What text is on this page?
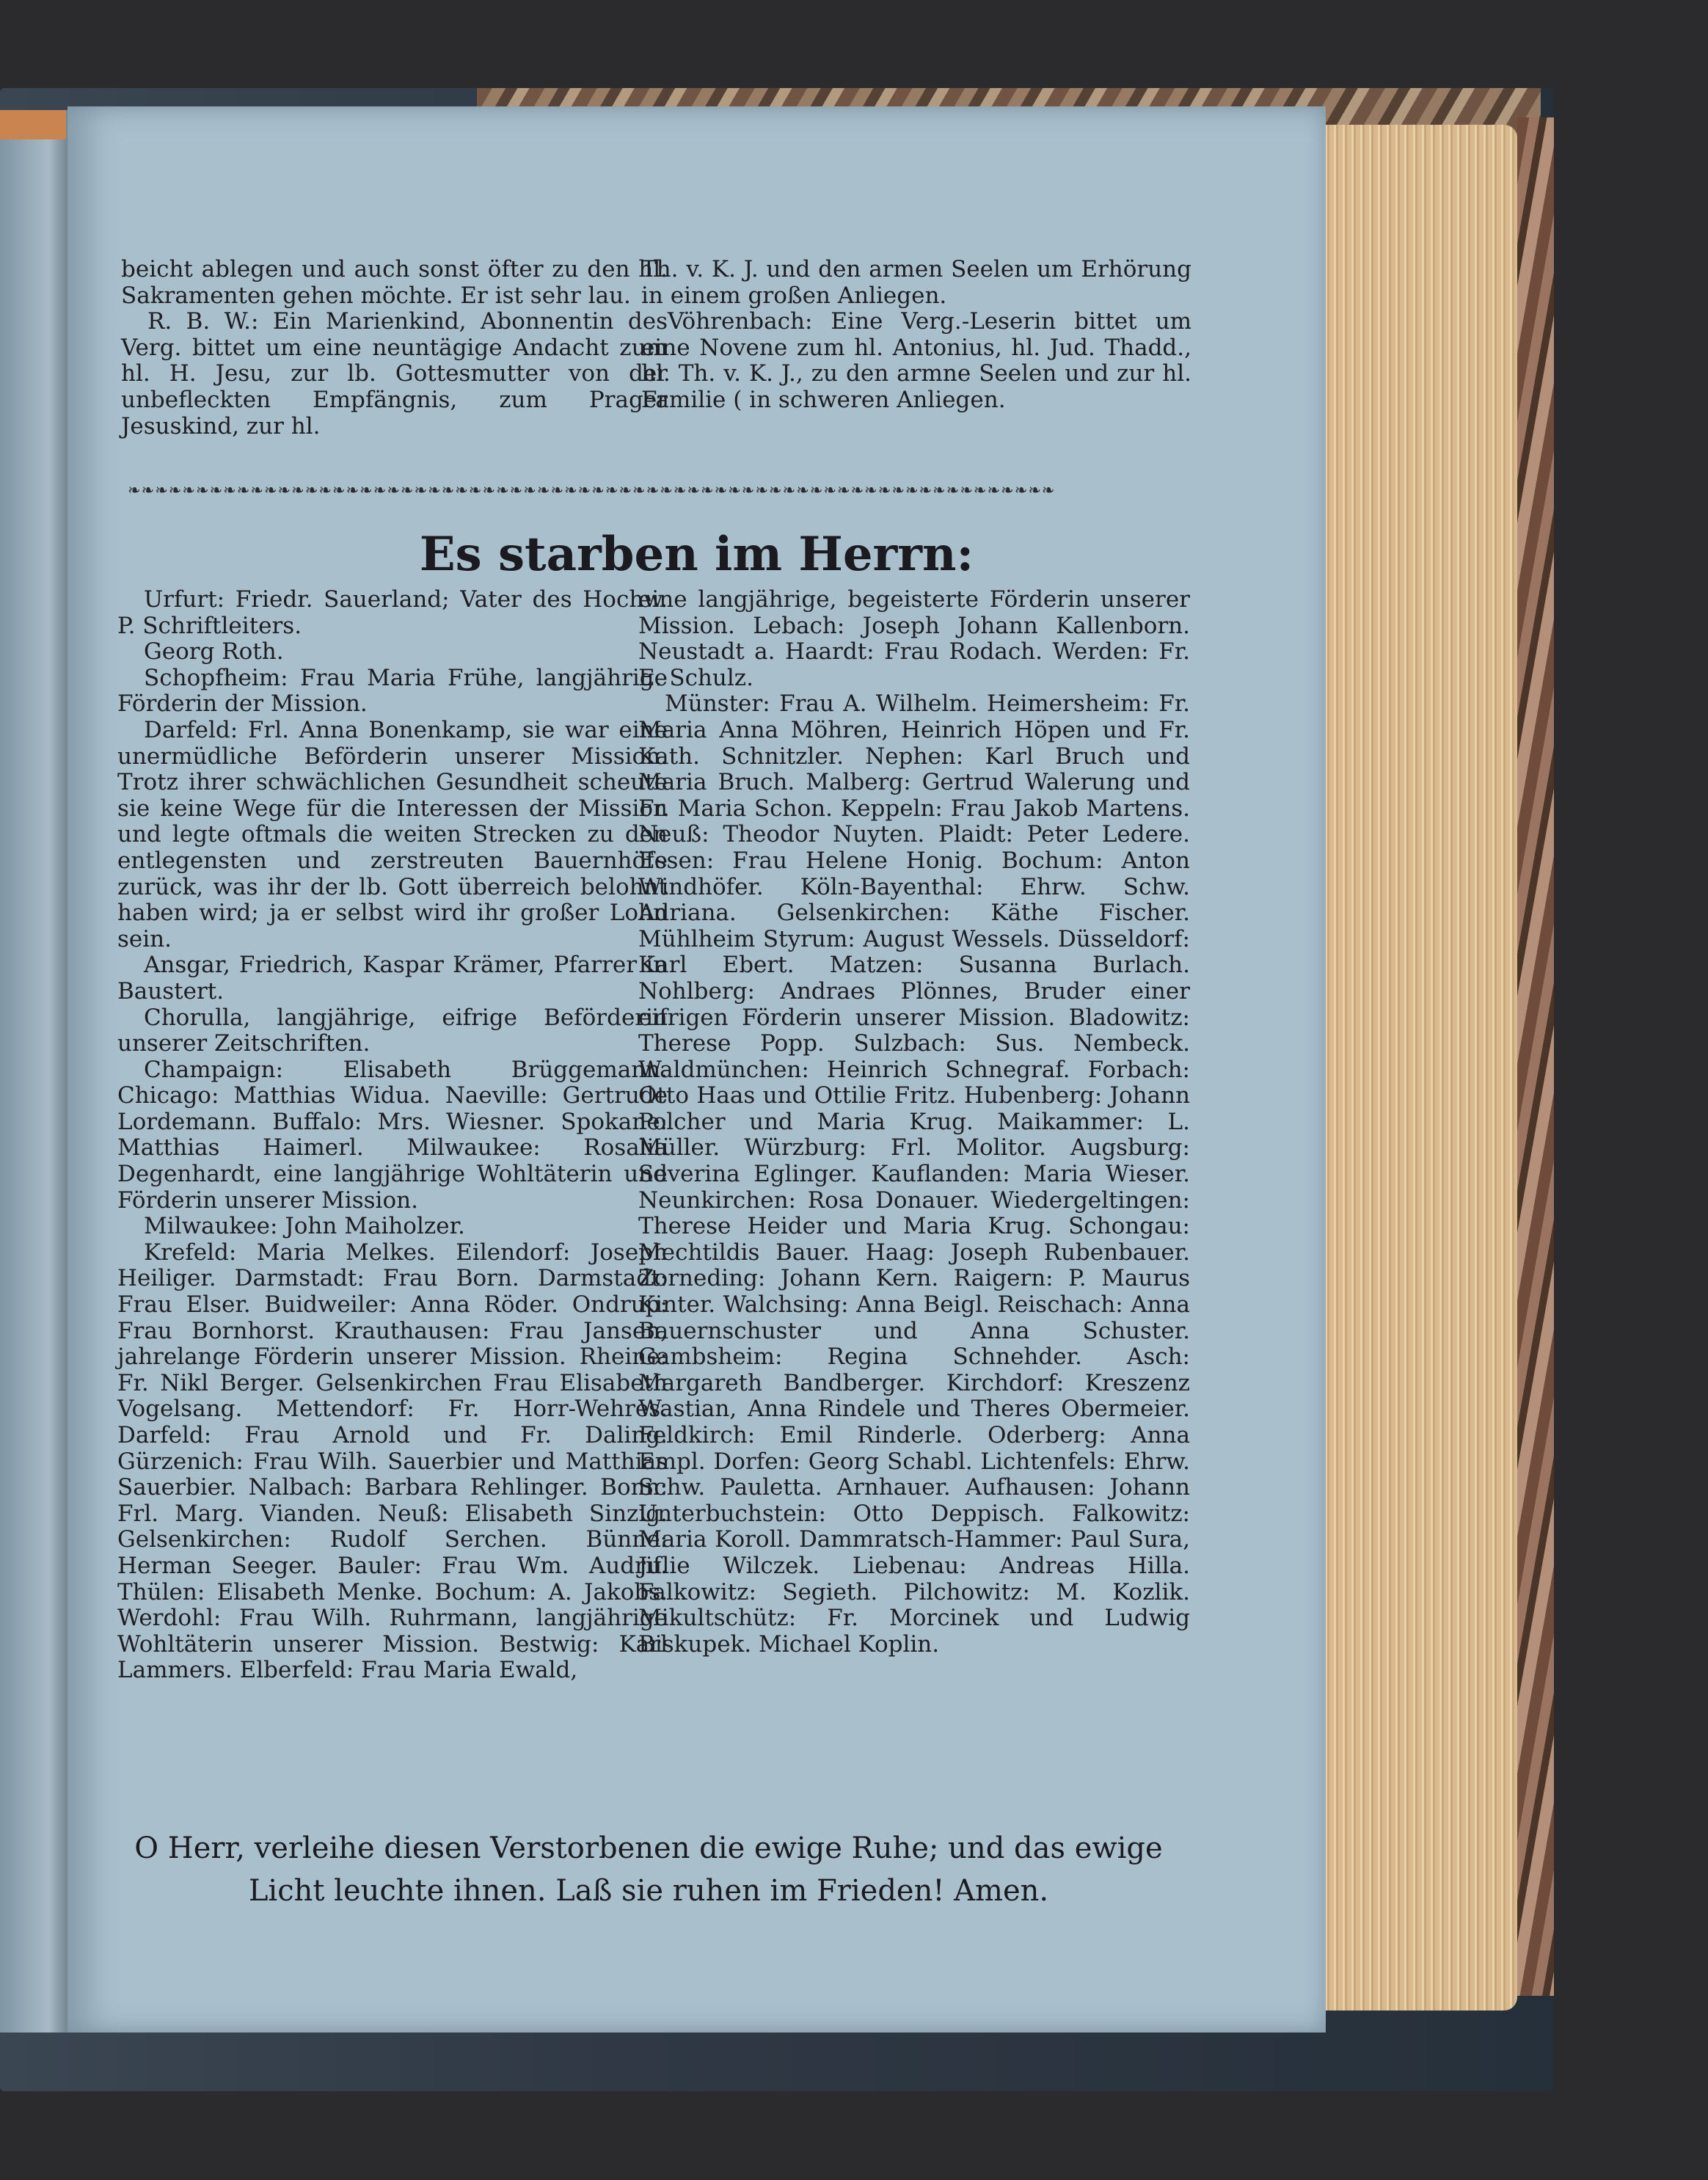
beicht ablegen und auch sonst öfter zu den hl. Sakramenten gehen möchte. Er ist sehr lau.

R. B. W.: Ein Marienkind, Abonnentin des Verg. bittet um eine neuntägige Andacht zum hl. H. Jesu, zur lb. Gottesmutter von der unbefleckten Empfängnis, zum Prager Jesuskind, zur hl.

Th. v. K. J. und den armen Seelen um Erhörung in einem großen Anliegen.

Vöhrenbach: Eine Verg.-Leserin bittet um eine Novene zum hl. Antonius, hl. Jud. Thadd., hl. Th. v. K. J., zu den armne Seelen und zur hl. Familie ( in schweren Anliegen.

❧❧❧❧❧❧❧❧❧❧❧❧❧❧❧❧❧❧❧❧❧❧❧❧❧❧❧❧❧❧❧❧❧❧❧❧❧❧❧❧❧❧❧❧❧❧❧❧❧❧❧❧❧❧❧❧❧❧❧❧❧❧❧❧❧❧❧❧
Es starben im Herrn:

Urfurt: Friedr. Sauerland; Vater des Hochw. P. Schriftleiters.

Georg Roth.

Schopfheim: Frau Maria Frühe, langjährige Förderin der Mission.

Darfeld: Frl. Anna Bonenkamp, sie war eine unermüdliche Beförderin unserer Mission. Trotz ihrer schwächlichen Gesundheit scheute sie keine Wege für die Interessen der Mission und legte oftmals die weiten Strecken zu den entlegensten und zerstreuten Bauernhöfe zurück, was ihr der lb. Gott überreich belohnt haben wird; ja er selbst wird ihr großer Lohn sein.

Ansgar, Friedrich, Kaspar Krämer, Pfarrer in Baustert.

Chorulla, langjährige, eifrige Beförderin unserer Zeitschriften.

Champaign: Elisabeth Brüggemann. Chicago: Matthias Widua. Naeville: Gertrude Lordemann. Buffalo: Mrs. Wiesner. Spokane: Matthias Haimerl. Milwaukee: Rosalia Degenhardt, eine langjährige Wohltäterin und Förderin unserer Mission.

Milwaukee: John Maiholzer.

Krefeld: Maria Melkes. Eilendorf: Joseph Heiliger. Darmstadt: Frau Born. Darmstadt: Frau Elser. Buidweiler: Anna Röder. Ondrup: Frau Bornhorst. Krauthausen: Frau Jansen, jahrelange Förderin unserer Mission. Rheine: Fr. Nikl Berger. Gelsenkirchen Frau Elisabeth Vogelsang. Mettendorf: Fr. Horr-Wehres. Darfeld: Frau Arnold und Fr. Daling. Gürzenich: Frau Wilh. Sauerbier und Matthias Sauerbier. Nalbach: Barbara Rehlinger. Bonn: Frl. Marg. Vianden. Neuß: Elisabeth Sinzig. Gelsenkirchen: Rudolf Serchen. Bünne: Herman Seeger. Bauler: Frau Wm. Audrif. Thülen: Elisabeth Menke. Bochum: A. Jakobs. Werdohl: Frau Wilh. Ruhrmann, langjährige Wohltäterin unserer Mission. Bestwig: Karl Lammers. Elberfeld: Frau Maria Ewald,

eine langjährige, begeisterte Förderin unserer Mission. Lebach: Joseph Johann Kallenborn. Neustadt a. Haardt: Frau Rodach. Werden: Fr. E. Schulz.

Münster: Frau A. Wilhelm. Heimersheim: Fr. Maria Anna Möhren, Heinrich Höpen und Fr. Kath. Schnitzler. Nephen: Karl Bruch und Maria Bruch. Malberg: Gertrud Walerung und Fr. Maria Schon. Keppeln: Frau Jakob Martens. Neuß: Theodor Nuyten. Plaidt: Peter Ledere. Essen: Frau Helene Honig. Bochum: Anton Windhöfer. Köln-Bayenthal: Ehrw. Schw. Adriana. Gelsenkirchen: Käthe Fischer. Mühlheim Styrum: August Wessels. Düsseldorf: Karl Ebert. Matzen: Susanna Burlach. Nohlberg: Andraes Plönnes, Bruder einer eifrigen Förderin unserer Mission. Bladowitz: Therese Popp. Sulzbach: Sus. Nembeck. Waldmünchen: Heinrich Schnegraf. Forbach: Otto Haas und Ottilie Fritz. Hubenberg: Johann Polcher und Maria Krug. Maikammer: L. Müller. Würzburg: Frl. Molitor. Augsburg: Severina Eglinger. Kauflanden: Maria Wieser. Neunkirchen: Rosa Donauer. Wiedergeltingen: Therese Heider und Maria Krug. Schongau: Mechtildis Bauer. Haag: Joseph Rubenbauer. Zorneding: Johann Kern. Raigern: P. Maurus Kinter. Walchsing: Anna Beigl. Reischach: Anna Bauernschuster und Anna Schuster. Gambsheim: Regina Schnehder. Asch: Margareth Bandberger. Kirchdorf: Kreszenz Wastian, Anna Rindele und Theres Obermeier. Feldkirch: Emil Rinderle. Oderberg: Anna Empl. Dorfen: Georg Schabl. Lichtenfels: Ehrw. Schw. Pauletta. Arnhauer. Aufhausen: Johann Unterbuchstein: Otto Deppisch. Falkowitz: Maria Koroll. Dammratsch-Hammer: Paul Sura, Julie Wilczek. Liebenau: Andreas Hilla. Falkowitz: Segieth. Pilchowitz: M. Kozlik. Mikultschütz: Fr. Morcinek und Ludwig Biskupek. Michael Koplin.

O Herr, verleihe diesen Verstorbenen die ewige Ruhe; und das ewige Licht leuchte ihnen. Laß sie ruhen im Frieden! Amen.
